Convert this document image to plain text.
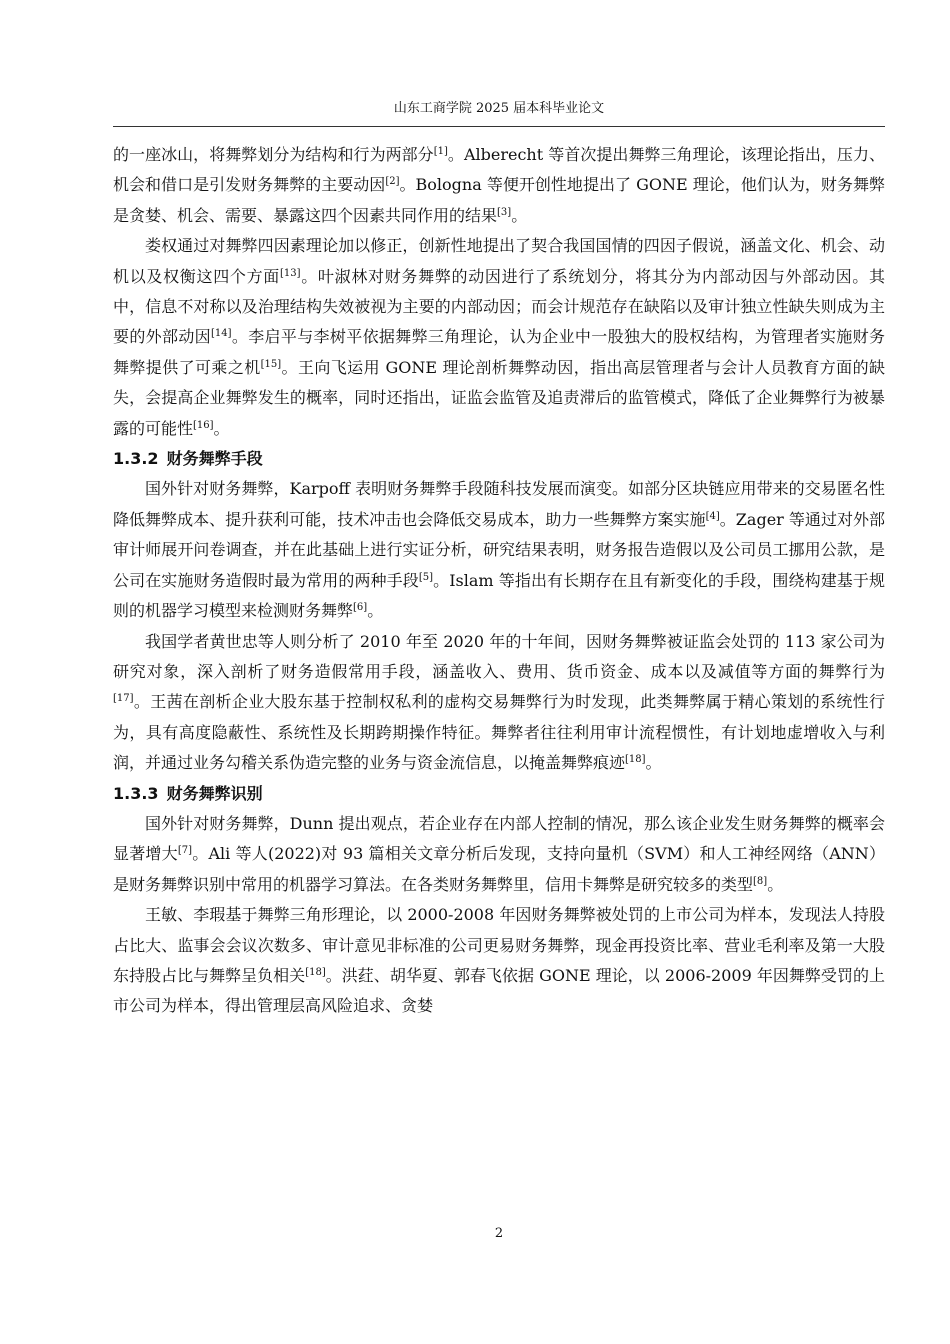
山东工商学院 2025 届本科毕业论文

的一座冰山，将舞弊划分为结构和行为两部分[1]。Alberecht 等首次提出舞弊三角理论，该理论指出，压力、机会和借口是引发财务舞弊的主要动因[2]。Bologna 等便开创性地提出了 GONE 理论，他们认为，财务舞弊是贪婪、机会、需要、暴露这四个因素共同作用的结果[3]。

娄权通过对舞弊四因素理论加以修正，创新性地提出了契合我国国情的四因子假说，涵盖文化、机会、动机以及权衡这四个方面[13]。叶淑林对财务舞弊的动因进行了系统划分，将其分为内部动因与外部动因。其中，信息不对称以及治理结构失效被视为主要的内部动因；而会计规范存在缺陷以及审计独立性缺失则成为主要的外部动因[14]。李启平与李树平依据舞弊三角理论，认为企业中一股独大的股权结构，为管理者实施财务舞弊提供了可乘之机[15]。王向飞运用 GONE 理论剖析舞弊动因，指出高层管理者与会计人员教育方面的缺失，会提高企业舞弊发生的概率，同时还指出，证监会监管及追责滞后的监管模式，降低了企业舞弊行为被暴露的可能性[16]。

1.3.2 财务舞弊手段

国外针对财务舞弊，Karpoff 表明财务舞弊手段随科技发展而演变。如部分区块链应用带来的交易匿名性降低舞弊成本、提升获利可能，技术冲击也会降低交易成本，助力一些舞弊方案实施[4]。Zager 等通过对外部审计师展开问卷调查，并在此基础上进行实证分析，研究结果表明，财务报告造假以及公司员工挪用公款，是公司在实施财务造假时最为常用的两种手段[5]。Islam 等指出有长期存在且有新变化的手段，围绕构建基于规则的机器学习模型来检测财务舞弊[6]。

我国学者黄世忠等人则分析了 2010 年至 2020 年的十年间，因财务舞弊被证监会处罚的 113 家公司为研究对象，深入剖析了财务造假常用手段，涵盖收入、费用、货币资金、成本以及减值等方面的舞弊行为[17]。王茜在剖析企业大股东基于控制权私利的虚构交易舞弊行为时发现，此类舞弊属于精心策划的系统性行为，具有高度隐蔽性、系统性及长期跨期操作特征。舞弊者往往利用审计流程惯性，有计划地虚增收入与利润，并通过业务勾稽关系伪造完整的业务与资金流信息，以掩盖舞弊痕迹[18]。

1.3.3 财务舞弊识别

国外针对财务舞弊，Dunn 提出观点，若企业存在内部人控制的情况，那么该企业发生财务舞弊的概率会显著增大[7]。Ali 等人(2022)对 93 篇相关文章分析后发现，支持向量机（SVM）和人工神经网络（ANN）是财务舞弊识别中常用的机器学习算法。在各类财务舞弊里，信用卡舞弊是研究较多的类型[8]。

王敏、李瑕基于舞弊三角形理论，以 2000-2008 年因财务舞弊被处罚的上市公司为样本，发现法人持股占比大、监事会会议次数多、审计意见非标准的公司更易财务舞弊，现金再投资比率、营业毛利率及第一大股东持股占比与舞弊呈负相关[18]。洪荭、胡华夏、郭春飞依据 GONE 理论，以 2006-2009 年因舞弊受罚的上市公司为样本，得出管理层高风险追求、贪婪

2
